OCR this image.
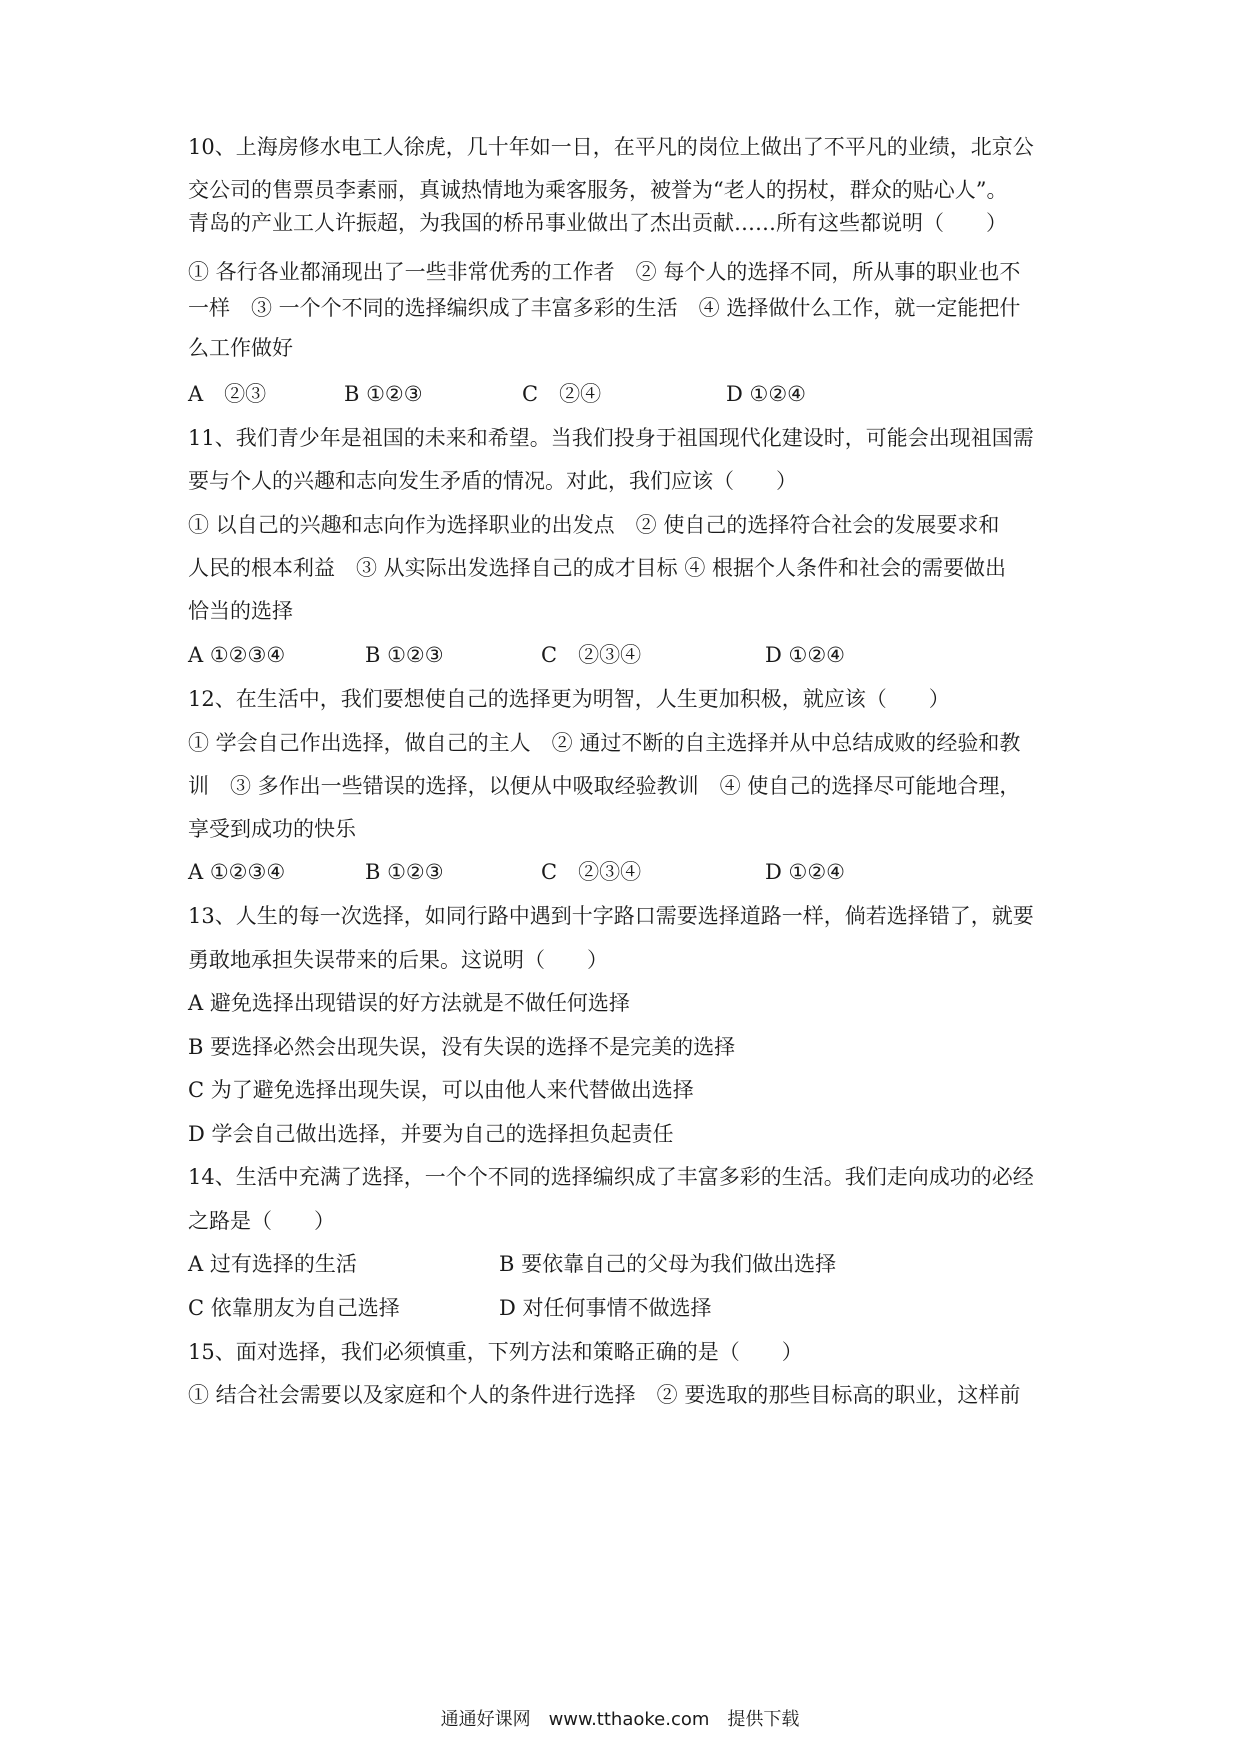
10、上海房修水电工人徐虎，几十年如一日，在平凡的岗位上做出了不平凡的业绩，北京公
交公司的售票员李素丽，真诚热情地为乘客服务，被誉为“老人的拐杖，群众的贴心人”。
青岛的产业工人许振超，为我国的桥吊事业做出了杰出贡献……所有这些都说明（　　）
① 各行各业都涌现出了一些非常优秀的工作者　② 每个人的选择不同，所从事的职业也不
一样　③ 一个个不同的选择编织成了丰富多彩的生活　④ 选择做什么工作，就一定能把什
么工作做好
A　②③	B ①②③	C　②④	D ①②④
11、我们青少年是祖国的未来和希望。当我们投身于祖国现代化建设时，可能会出现祖国需
要与个人的兴趣和志向发生矛盾的情况。对此，我们应该（　　）
① 以自己的兴趣和志向作为选择职业的出发点　② 使自己的选择符合社会的发展要求和
人民的根本利益　③ 从实际出发选择自己的成才目标 ④ 根据个人条件和社会的需要做出
恰当的选择
A ①②③④	B ①②③	C　②③④	D ①②④
12、在生活中，我们要想使自己的选择更为明智，人生更加积极，就应该（　　）
① 学会自己作出选择，做自己的主人　② 通过不断的自主选择并从中总结成败的经验和教
训　③ 多作出一些错误的选择，以便从中吸取经验教训　④ 使自己的选择尽可能地合理，
享受到成功的快乐
A ①②③④	B ①②③	C　②③④	D ①②④
13、人生的每一次选择，如同行路中遇到十字路口需要选择道路一样，倘若选择错了，就要
勇敢地承担失误带来的后果。这说明（　　）
A 避免选择出现错误的好方法就是不做任何选择
B 要选择必然会出现失误，没有失误的选择不是完美的选择
C 为了避免选择出现失误，可以由他人来代替做出选择
D 学会自己做出选择，并要为自己的选择担负起责任
14、生活中充满了选择，一个个不同的选择编织成了丰富多彩的生活。我们走向成功的必经
之路是（　　）
A 过有选择的生活	B 要依靠自己的父母为我们做出选择
C 依靠朋友为自己选择	D 对任何事情不做选择
15、面对选择，我们必须慎重，下列方法和策略正确的是（　　）
① 结合社会需要以及家庭和个人的条件进行选择　② 要选取的那些目标高的职业，这样前
通通好课网　www.tthaoke.com　提供下载
